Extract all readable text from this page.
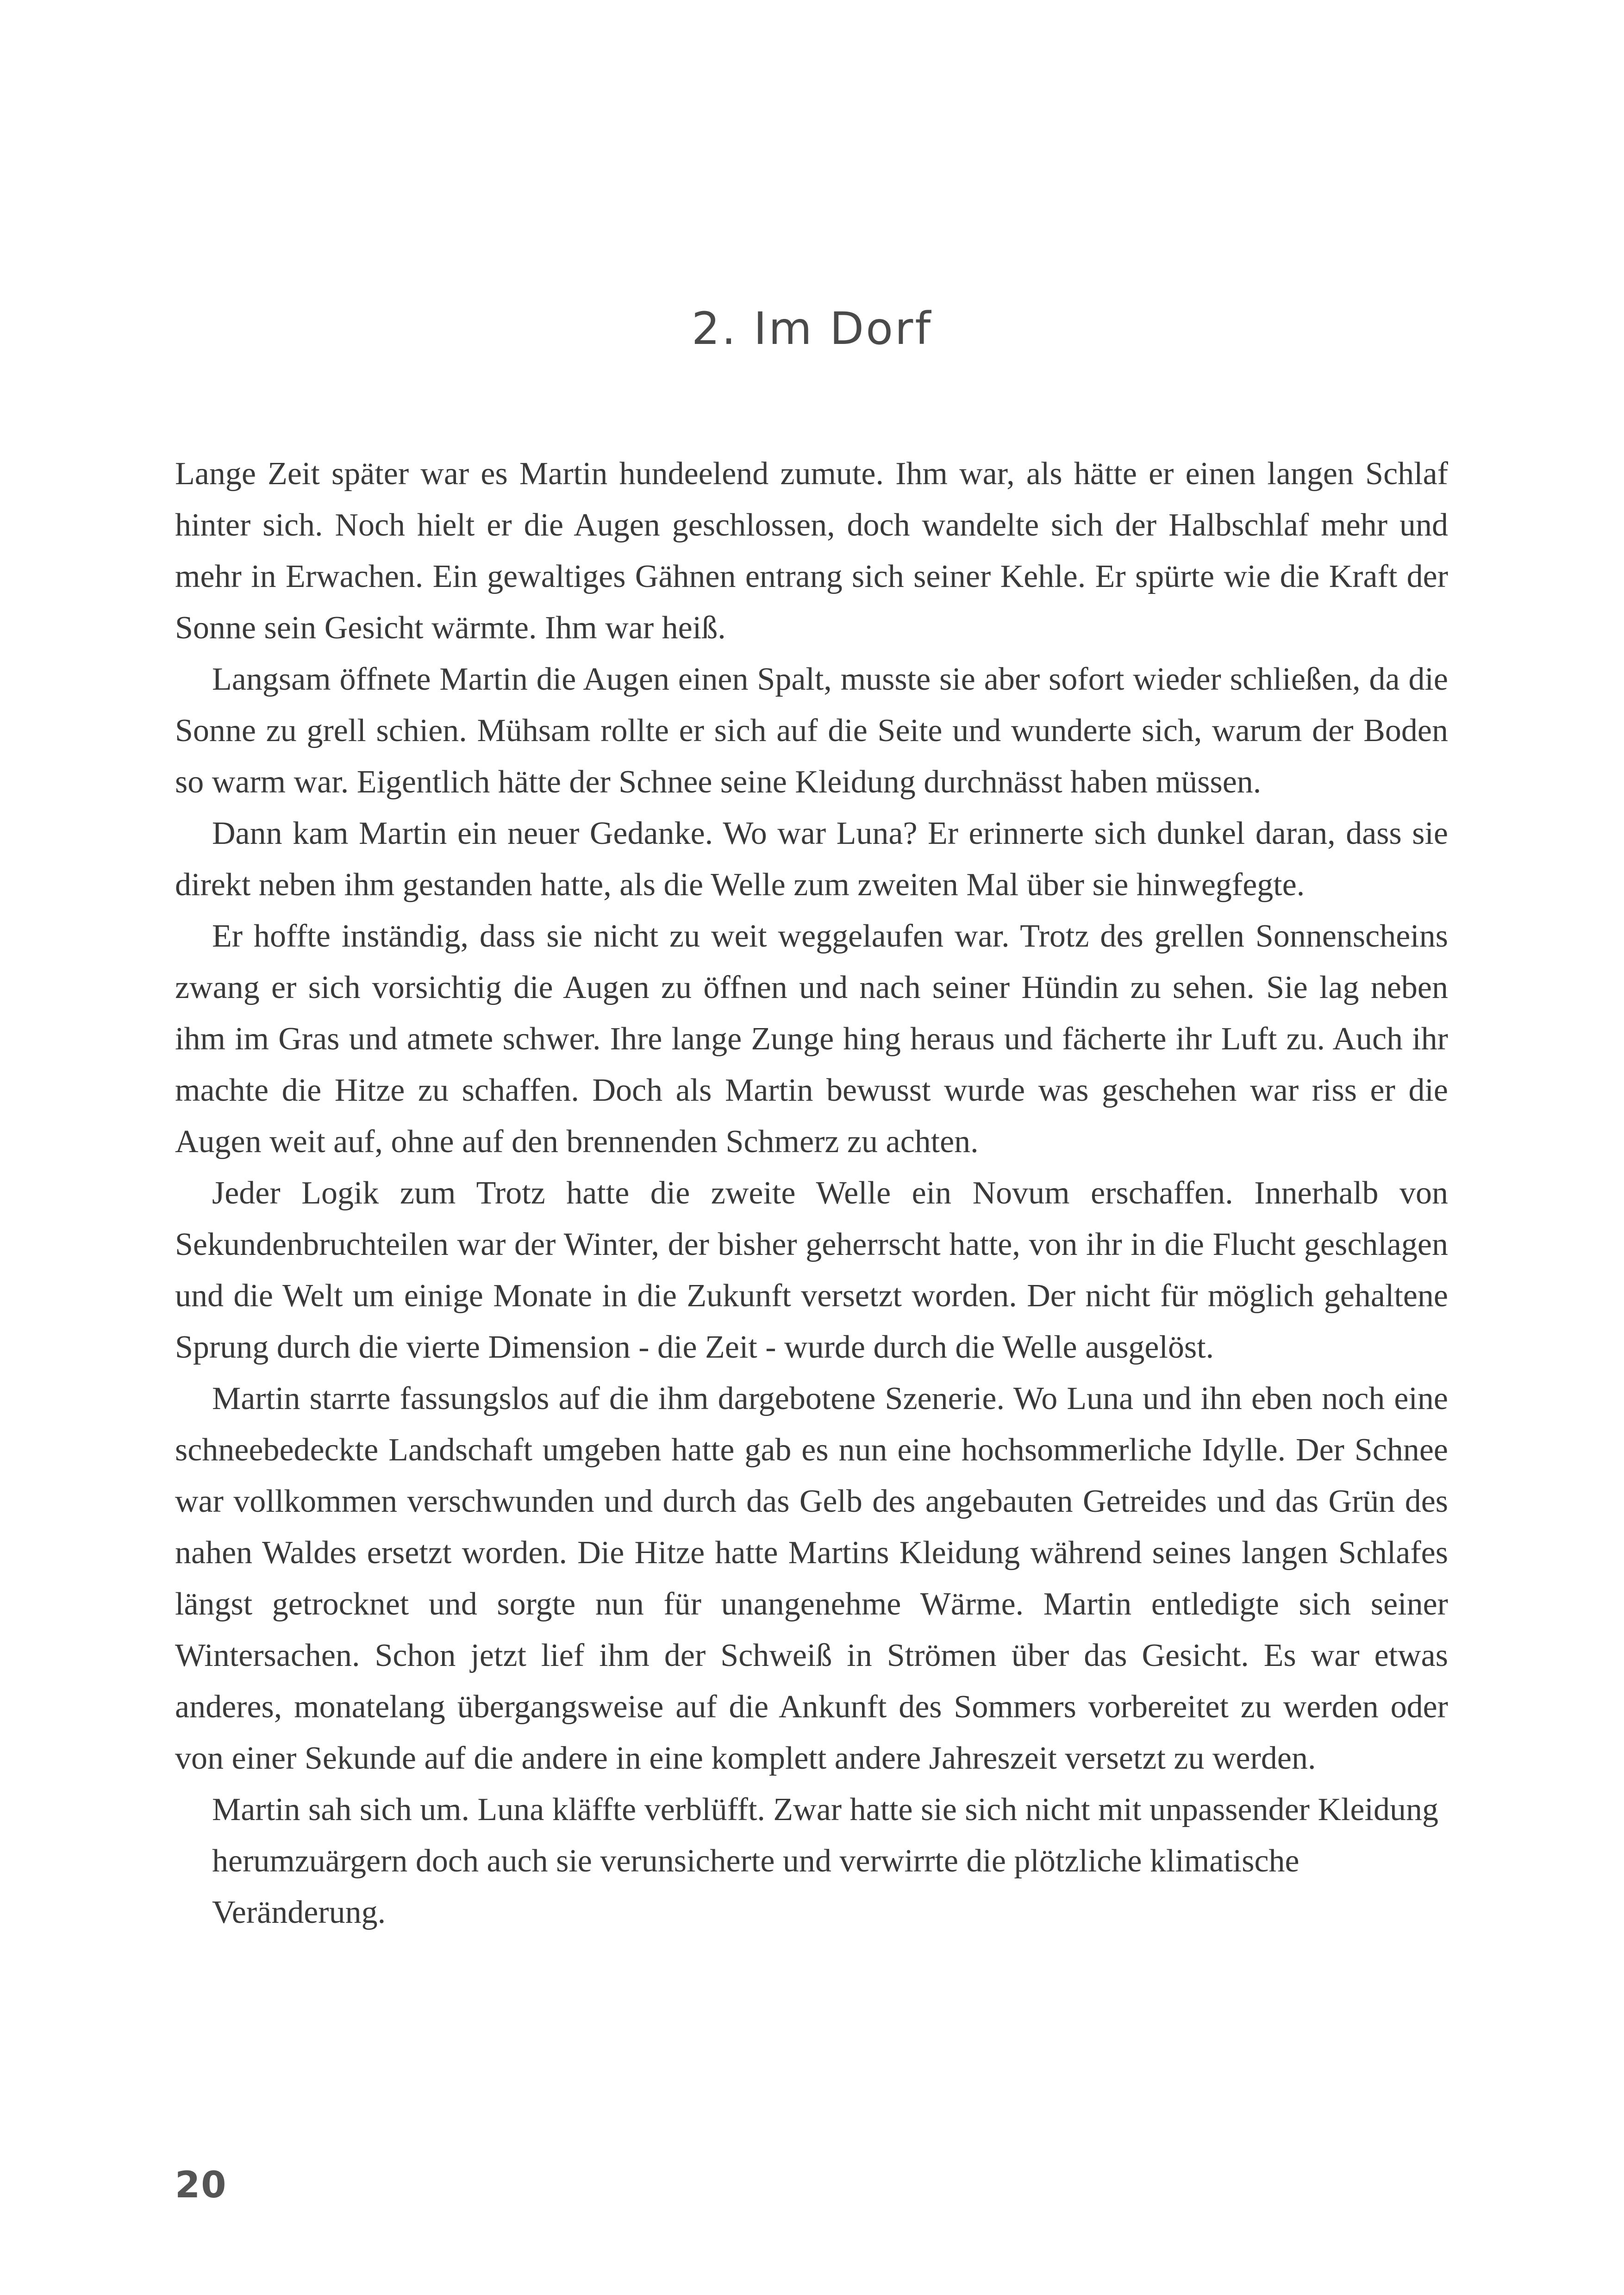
2. Im Dorf

Lange Zeit später war es Martin hundeelend zumute. Ihm war, als hätte er einen langen Schlaf hinter sich. Noch hielt er die Augen geschlossen, doch wandelte sich der Halbschlaf mehr und mehr in Erwachen. Ein gewaltiges Gähnen entrang sich seiner Kehle. Er spürte wie die Kraft der Sonne sein Gesicht wärmte. Ihm war heiß.

Langsam öffnete Martin die Augen einen Spalt, musste sie aber sofort wieder schließen, da die Sonne zu grell schien. Mühsam rollte er sich auf die Seite und wunderte sich, warum der Boden so warm war. Eigentlich hätte der Schnee seine Kleidung durchnässt haben müssen.

Dann kam Martin ein neuer Gedanke. Wo war Luna? Er erinnerte sich dunkel daran, dass sie direkt neben ihm gestanden hatte, als die Welle zum zweiten Mal über sie hinwegfegte.

Er hoffte inständig, dass sie nicht zu weit weggelaufen war. Trotz des grellen Sonnenscheins zwang er sich vorsichtig die Augen zu öffnen und nach seiner Hündin zu sehen. Sie lag neben ihm im Gras und atmete schwer. Ihre lange Zunge hing heraus und fächerte ihr Luft zu. Auch ihr machte die Hitze zu schaffen. Doch als Martin bewusst wurde was geschehen war riss er die Augen weit auf, ohne auf den brennenden Schmerz zu achten.

Jeder Logik zum Trotz hatte die zweite Welle ein Novum erschaffen. Innerhalb von Sekundenbruchteilen war der Winter, der bisher geherrscht hatte, von ihr in die Flucht geschlagen und die Welt um einige Monate in die Zukunft versetzt worden. Der nicht für möglich gehaltene Sprung durch die vierte Dimension - die Zeit - wurde durch die Welle ausgelöst.

Martin starrte fassungslos auf die ihm dargebotene Szenerie. Wo Luna und ihn eben noch eine schneebedeckte Landschaft umgeben hatte gab es nun eine hochsommerliche Idylle. Der Schnee war vollkommen verschwunden und durch das Gelb des angebauten Getreides und das Grün des nahen Waldes ersetzt worden. Die Hitze hatte Martins Kleidung während seines langen Schlafes längst getrocknet und sorgte nun für unangenehme Wärme. Martin entledigte sich seiner Wintersachen. Schon jetzt lief ihm der Schweiß in Strömen über das Gesicht. Es war etwas anderes, monatelang übergangsweise auf die Ankunft des Sommers vorbereitet zu werden oder von einer Sekunde auf die andere in eine komplett andere Jahreszeit versetzt zu werden.

Martin sah sich um. Luna kläffte verblüfft. Zwar hatte sie sich nicht mit unpassender Kleidung herumzuärgern doch auch sie verunsicherte und verwirrte die plötzliche klimatische Veränderung.

20
